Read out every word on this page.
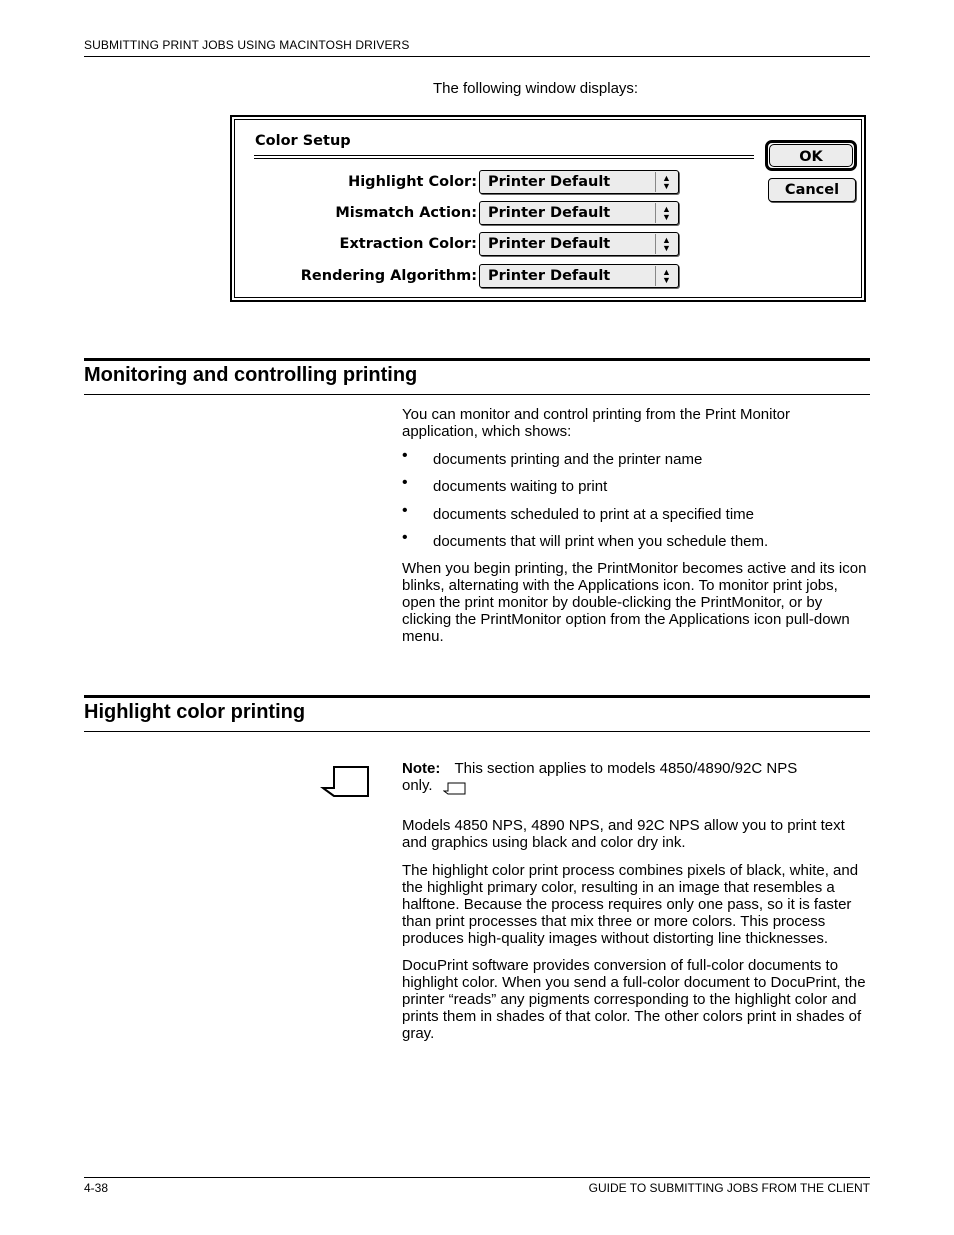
SUBMITTING PRINT JOBS USING MACINTOSH DRIVERS
The following window displays:
Color Setup
Highlight Color: Printer Default	▲
▼
Mismatch Action: Printer Default	▲
▼
Extraction Color: Printer Default	▲
▼
Rendering Algorithm: Printer Default	▲
▼
OK
Cancel
Monitoring and controlling printing
You can monitor and control printing from the Print Monitor application, which shows:
• documents printing and the printer name
• documents waiting to print
• documents scheduled to print at a specified time
• documents that will print when you schedule them.
When you begin printing, the PrintMonitor becomes active and its icon blinks, alternating with the Applications icon. To monitor print jobs, open the print monitor by double-clicking the PrintMonitor, or by clicking the PrintMonitor option from the Applications icon pull-down menu.
Highlight color printing
Note: This section applies to models 4850/4890/92C NPS
only.
Models 4850 NPS, 4890 NPS, and 92C NPS allow you to print text and graphics using black and color dry ink.
The highlight color print process combines pixels of black, white, and the highlight primary color, resulting in an image that resembles a halftone. Because the process requires only one pass, so it is faster than print processes that mix three or more colors. This process produces high-quality images without distorting line thicknesses.
DocuPrint software provides conversion of full-color documents to highlight color. When you send a full-color document to DocuPrint, the printer “reads” any pigments corresponding to the highlight color and prints them in shades of that color. The other colors print in shades of gray.
4-38	GUIDE TO SUBMITTING JOBS FROM THE CLIENT
